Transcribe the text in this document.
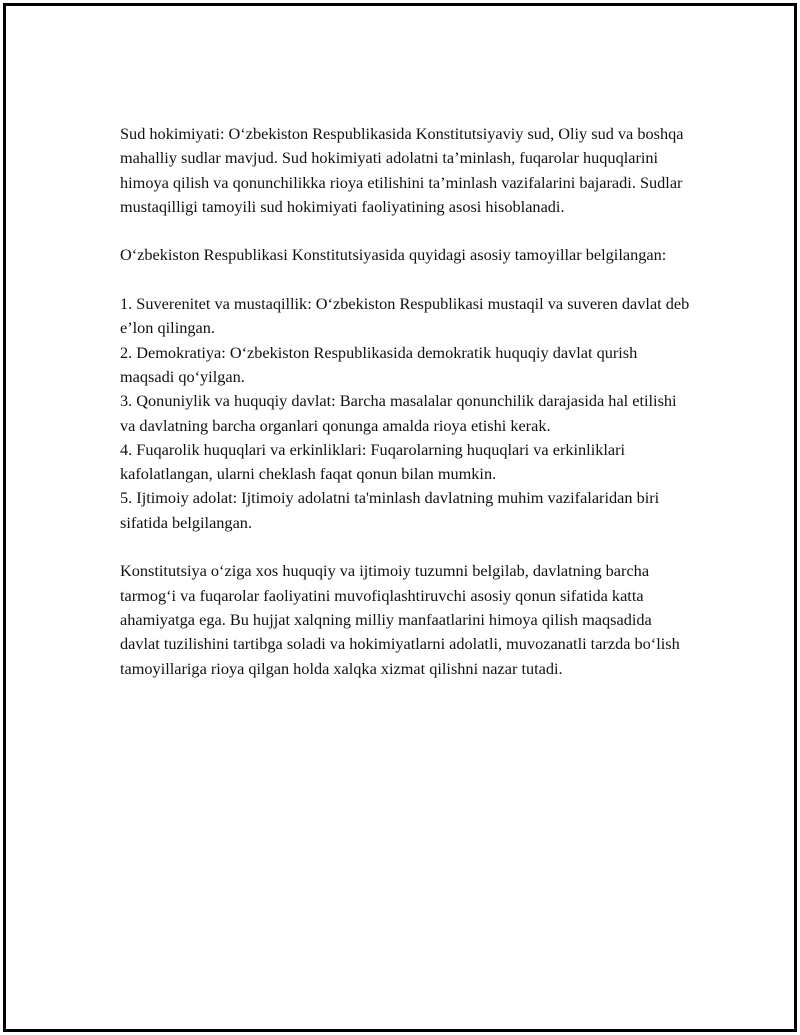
Sud hokimiyati: O‘zbekiston Respublikasida Konstitutsiyaviy sud, Oliy sud va boshqa mahalliy sudlar mavjud. Sud hokimiyati adolatni ta’minlash, fuqarolar huquqlarini himoya qilish va qonunchilikka rioya etilishini ta’minlash vazifalarini bajaradi. Sudlar mustaqilligi tamoyili sud hokimiyati faoliyatining asosi hisoblanadi.

O‘zbekiston Respublikasi Konstitutsiyasida quyidagi asosiy tamoyillar belgilangan:

1. Suverenitet va mustaqillik: O‘zbekiston Respublikasi mustaqil va suveren davlat deb e’lon qilingan.
2. Demokratiya: O‘zbekiston Respublikasida demokratik huquqiy davlat qurish maqsadi qo‘yilgan.
3. Qonuniylik va huquqiy davlat: Barcha masalalar qonunchilik darajasida hal etilishi va davlatning barcha organlari qonunga amalda rioya etishi kerak.
4. Fuqarolik huquqlari va erkinliklari: Fuqarolarning huquqlari va erkinliklari kafolatlangan, ularni cheklash faqat qonun bilan mumkin.
5. Ijtimoiy adolat: Ijtimoiy adolatni ta'minlash davlatning muhim vazifalaridan biri sifatida belgilangan.

Konstitutsiya o‘ziga xos huquqiy va ijtimoiy tuzumni belgilab, davlatning barcha tarmog‘i va fuqarolar faoliyatini muvofiqlashtiruvchi asosiy qonun sifatida katta ahamiyatga ega. Bu hujjat xalqning milliy manfaatlarini himoya qilish maqsadida davlat tuzilishini tartibga soladi va hokimiyatlarni adolatli, muvozanatli tarzda bo‘lish tamoyillariga rioya qilgan holda xalqka xizmat qilishni nazar tutadi.
